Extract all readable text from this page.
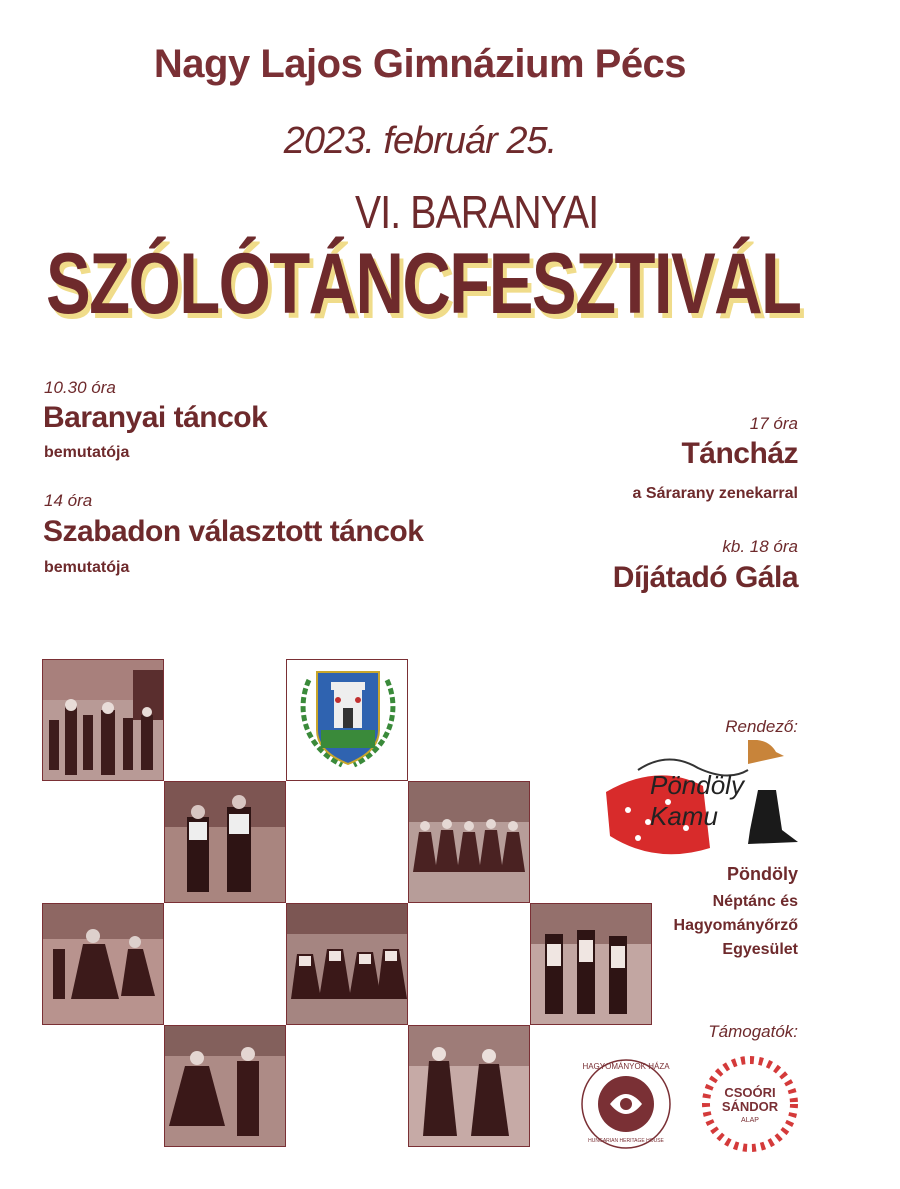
Nagy Lajos Gimnázium Pécs
2023. február 25.
VI. BARANYAI
SZÓLÓTÁNCFESZTIVÁL
10.30 óra
Baranyai táncok
bemutatója
14 óra
Szabadon választott táncok
bemutatója
17 óra
Táncház
a Sárarany zenekarral
kb. 18 óra
Díjátadó Gála
Rendező:
Pöndöly Kamu
Pöndöly
Néptánc és
Hagyományőrző
Egyesület
Támogatók:
HAGYOMÁNYOK HÁZA
HUNGARIAN HERITAGE HOUSE
CSOÓRI
SÁNDOR
ALAP
